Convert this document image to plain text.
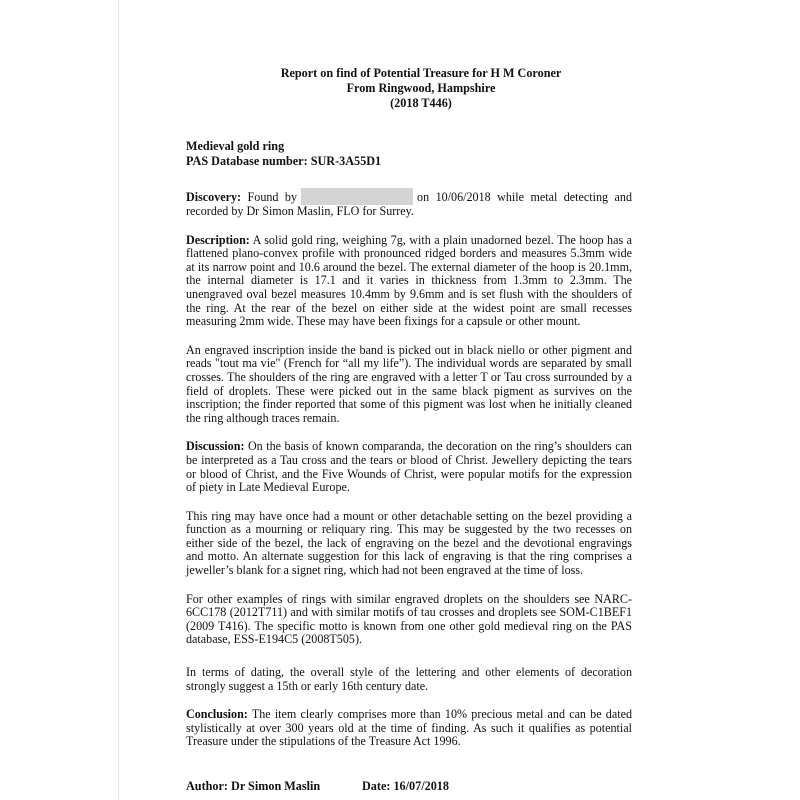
Report on find of Potential Treasure for H M Coroner
From Ringwood, Hampshire
(2018 T446)
Medieval gold ring
PAS Database number: SUR-3A55D1

Discovery: Found by	on 10/06/2018 while metal detecting and recorded by Dr Simon Maslin, FLO for Surrey.

Description: A solid gold ring, weighing 7g, with a plain unadorned bezel. The hoop has a flattened plano-convex profile with pronounced ridged borders and measures 5.3mm wide at its narrow point and 10.6 around the bezel. The external diameter of the hoop is 20.1mm, the internal diameter is 17.1 and it varies in thickness from 1.3mm to 2.3mm. The unengraved oval bezel measures 10.4mm by 9.6mm and is set flush with the shoulders of the ring. At the rear of the bezel on either side at the widest point are small recesses measuring 2mm wide. These may have been fixings for a capsule or other mount.

An engraved inscription inside the band is picked out in black niello or other pigment and reads "tout ma vie" (French for “all my life”). The individual words are separated by small crosses. The shoulders of the ring are engraved with a letter T or Tau cross surrounded by a field of droplets. These were picked out in the same black pigment as survives on the inscription; the finder reported that some of this pigment was lost when he initially cleaned the ring although traces remain.

Discussion: On the basis of known comparanda, the decoration on the ring’s shoulders can be interpreted as a Tau cross and the tears or blood of Christ. Jewellery depicting the tears or blood of Christ, and the Five Wounds of Christ, were popular motifs for the expression of piety in Late Medieval Europe.

This ring may have once had a mount or other detachable setting on the bezel providing a function as a mourning or reliquary ring. This may be suggested by the two recesses on either side of the bezel, the lack of engraving on the bezel and the devotional engravings and motto. An alternate suggestion for this lack of engraving is that the ring comprises a jeweller’s blank for a signet ring, which had not been engraved at the time of loss.

For other examples of rings with similar engraved droplets on the shoulders see NARC-6CC178 (2012T711) and with similar motifs of tau crosses and droplets see SOM-C1BEF1 (2009 T416). The specific motto is known from one other gold medieval ring on the PAS database, ESS-E194C5 (2008T505).

In terms of dating, the overall style of the lettering and other elements of decoration strongly suggest a 15th or early 16th century date.

Conclusion: The item clearly comprises more than 10% precious metal and can be dated stylistically at over 300 years old at the time of finding. As such it qualifies as potential Treasure under the stipulations of the Treasure Act 1996.

Author: Dr Simon Maslin	Date: 16/07/2018
